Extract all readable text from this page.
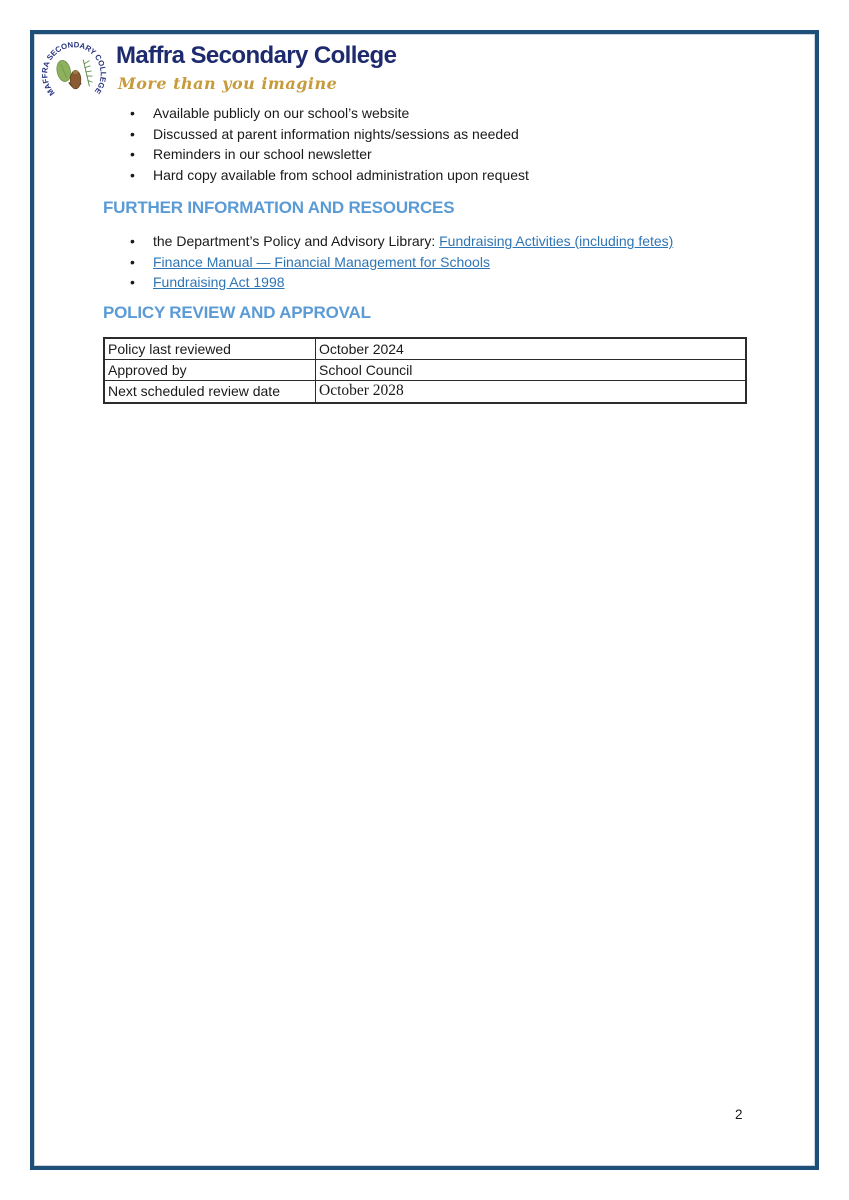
MAFFRA SECONDARY COLLEGE
Maffra Secondary College
More than you imagine
•
Available publicly on our school’s website
•
Discussed at parent information nights/sessions as needed
•
Reminders in our school newsletter
•
Hard copy available from school administration upon request
FURTHER INFORMATION AND RESOURCES
•
the Department’s Policy and Advisory Library: Fundraising Activities (including fetes)
•
Finance Manual — Financial Management for Schools
•
Fundraising Act 1998
POLICY REVIEW AND APPROVAL
Policy last reviewed	October 2024
Approved by	School Council
Next scheduled review date	October 2028
2
